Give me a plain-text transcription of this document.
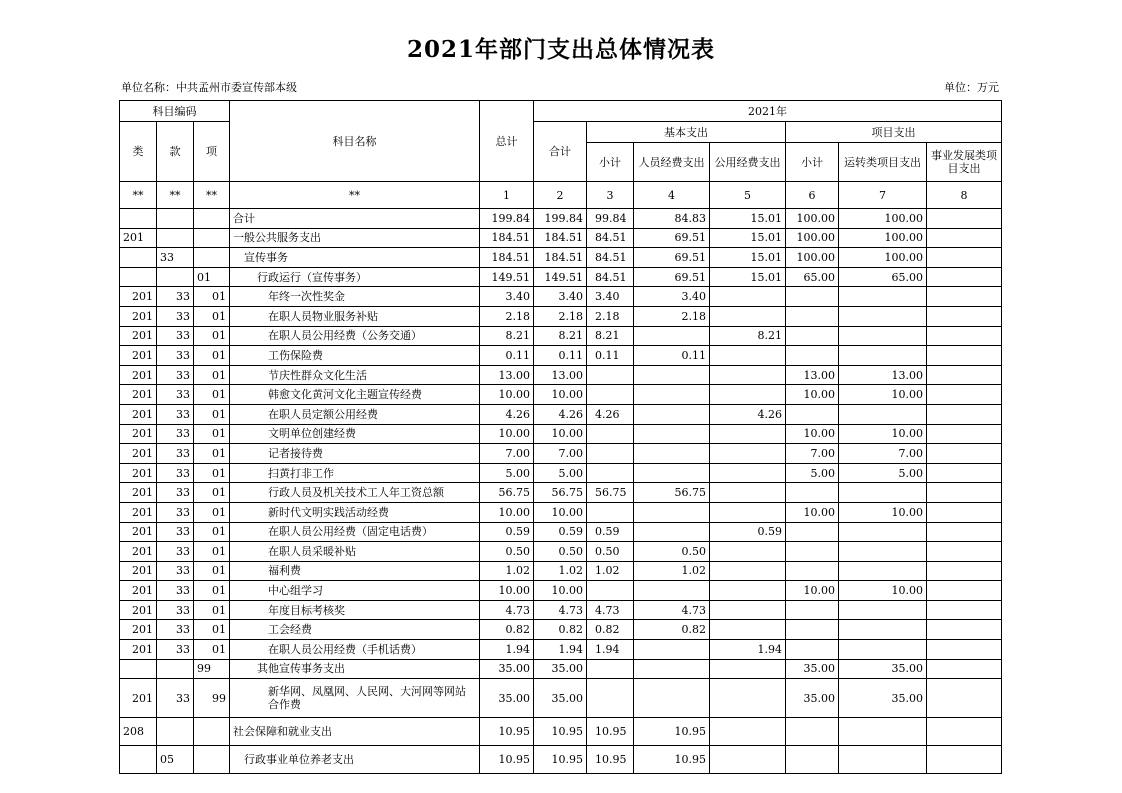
2021年部门支出总体情况表
单位名称：中共孟州市委宣传部本级	单位：万元
科目编码			科目名称	总计	2021年						
类	款	项			合计	基本支出			项目支出		
						小计	人员经费支出	公用经费支出	小计	运转类项目支出	事业发展类项目支出
**	**	**	**	1	2	3	4	5	6	7	8
			合计	199.84	199.84	99.84	84.83	15.01	100.00	100.00	
201			一般公共服务支出	184.51	184.51	84.51	69.51	15.01	100.00	100.00	
	33		宣传事务	184.51	184.51	84.51	69.51	15.01	100.00	100.00	
		01	行政运行（宣传事务）	149.51	149.51	84.51	69.51	15.01	65.00	65.00	
201	33	01	年终一次性奖金	3.40	3.40	3.40	3.40				
201	33	01	在职人员物业服务补贴	2.18	2.18	2.18	2.18				
201	33	01	在职人员公用经费（公务交通）	8.21	8.21	8.21		8.21			
201	33	01	工伤保险费	0.11	0.11	0.11	0.11				
201	33	01	节庆性群众文化生活	13.00	13.00				13.00	13.00	
201	33	01	韩愈文化黄河文化主题宣传经费	10.00	10.00				10.00	10.00	
201	33	01	在职人员定额公用经费	4.26	4.26	4.26		4.26			
201	33	01	文明单位创建经费	10.00	10.00				10.00	10.00	
201	33	01	记者接待费	7.00	7.00				7.00	7.00	
201	33	01	扫黄打非工作	5.00	5.00				5.00	5.00	
201	33	01	行政人员及机关技术工人年工资总额	56.75	56.75	56.75	56.75				
201	33	01	新时代文明实践活动经费	10.00	10.00				10.00	10.00	
201	33	01	在职人员公用经费（固定电话费）	0.59	0.59	0.59		0.59			
201	33	01	在职人员采暖补贴	0.50	0.50	0.50	0.50				
201	33	01	福利费	1.02	1.02	1.02	1.02				
201	33	01	中心组学习	10.00	10.00				10.00	10.00	
201	33	01	年度目标考核奖	4.73	4.73	4.73	4.73				
201	33	01	工会经费	0.82	0.82	0.82	0.82				
201	33	01	在职人员公用经费（手机话费）	1.94	1.94	1.94		1.94			
		99	其他宣传事务支出	35.00	35.00				35.00	35.00	
201	33	99	新华网、凤凰网、人民网、大河网等网站合作费	35.00	35.00				35.00	35.00	
208			社会保障和就业支出	10.95	10.95	10.95	10.95				
	05		行政事业单位养老支出	10.95	10.95	10.95	10.95				
